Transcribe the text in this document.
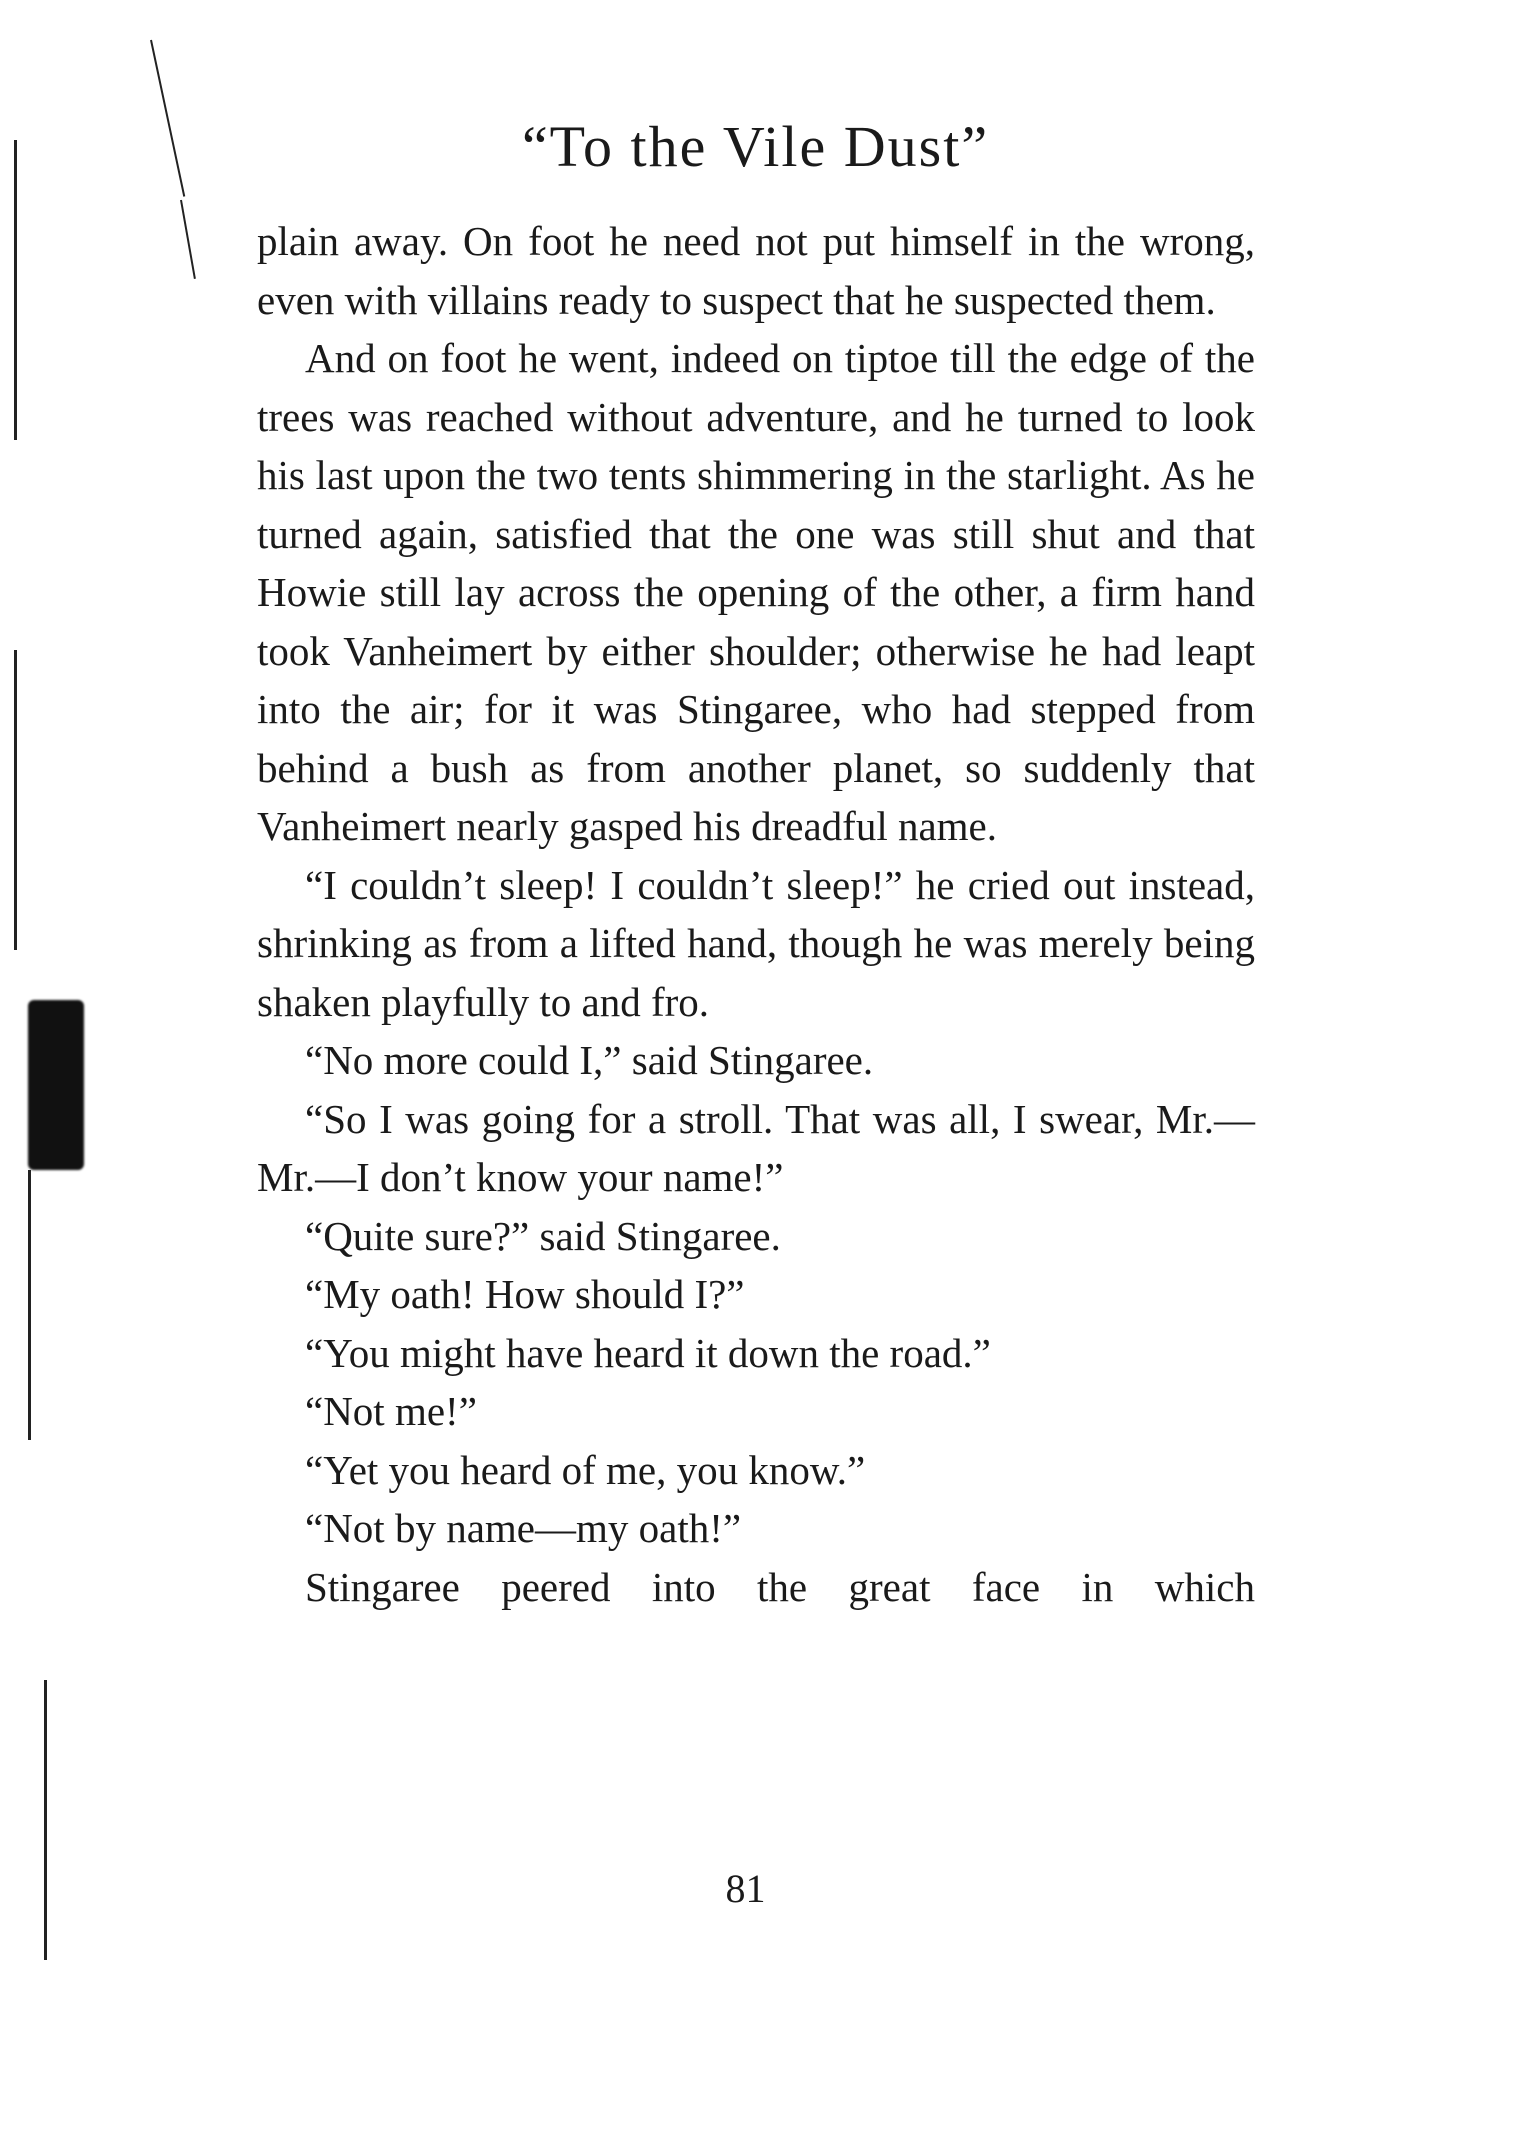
“To the Vile Dust”

plain away. On foot he need not put himself in the wrong, even with villains ready to suspect that he suspected them.

And on foot he went, indeed on tiptoe till the edge of the trees was reached without adventure, and he turned to look his last upon the two tents shimmering in the starlight. As he turned again, satisfied that the one was still shut and that Howie still lay across the opening of the other, a firm hand took Vanheimert by either shoulder; otherwise he had leapt into the air; for it was Stingaree, who had stepped from behind a bush as from another planet, so suddenly that Vanheimert nearly gasped his dreadful name.

“I couldn’t sleep! I couldn’t sleep!” he cried out instead, shrinking as from a lifted hand, though he was merely being shaken playfully to and fro.

“No more could I,” said Stingaree.

“So I was going for a stroll. That was all, I swear, Mr.—Mr.—I don’t know your name!”

“Quite sure?” said Stingaree.

“My oath! How should I?”

“You might have heard it down the road.”

“Not me!”

“Yet you heard of me, you know.”

“Not by name—my oath!”

Stingaree peered into the great face in which

81
